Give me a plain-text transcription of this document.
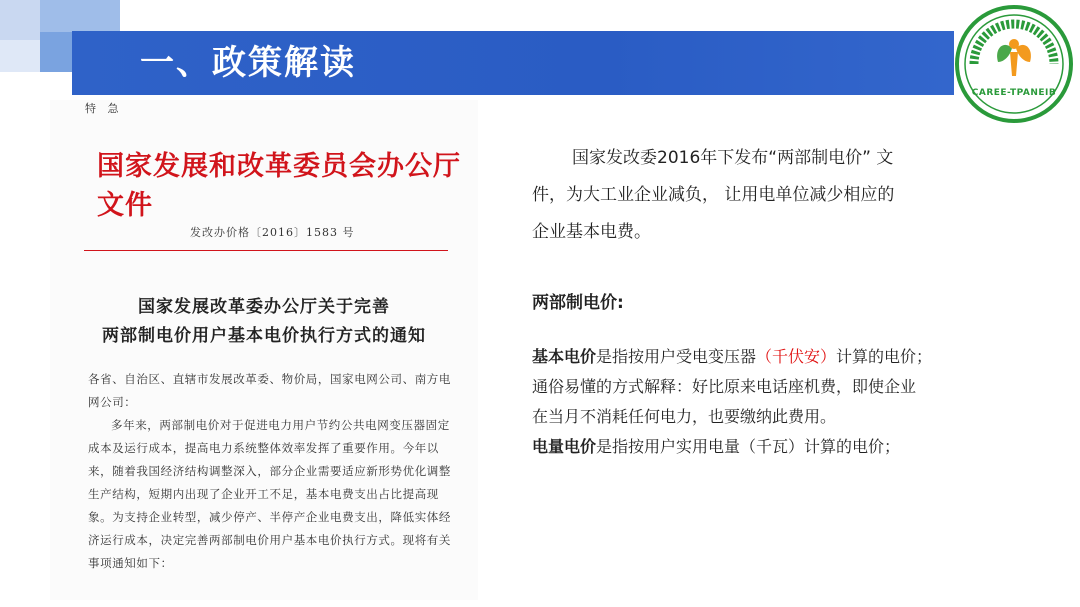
一、政策解读
CAREE-TPANEIB
特 急
国家发展和改革委员会办公厅文件
发改办价格〔2016〕1583 号
国家发展改革委办公厅关于完善
两部制电价用户基本电价执行方式的通知

各省、自治区、直辖市发展改革委、物价局，国家电网公司、南方电网公司：

多年来，两部制电价对于促进电力用户节约公共电网变压器固定成本及运行成本，提高电力系统整体效率发挥了重要作用。今年以来，随着我国经济结构调整深入，部分企业需要适应新形势优化调整生产结构，短期内出现了企业开工不足，基本电费支出占比提高现象。为支持企业转型，减少停产、半停产企业电费支出，降低实体经济运行成本，决定完善两部制电价用户基本电价执行方式。现将有关事项通知如下：

国家发改委2016年下发布“两部制电价” 文
件，为大工业企业减负， 让用电单位减少相应的
企业基本电费。
两部制电价:
基本电价是指按用户受电变压器（千伏安）计算的电价；
通俗易懂的方式解释：好比原来电话座机费，即使企业
在当月不消耗任何电力，也要缴纳此费用。
电量电价是指按用户实用电量（千瓦）计算的电价；
